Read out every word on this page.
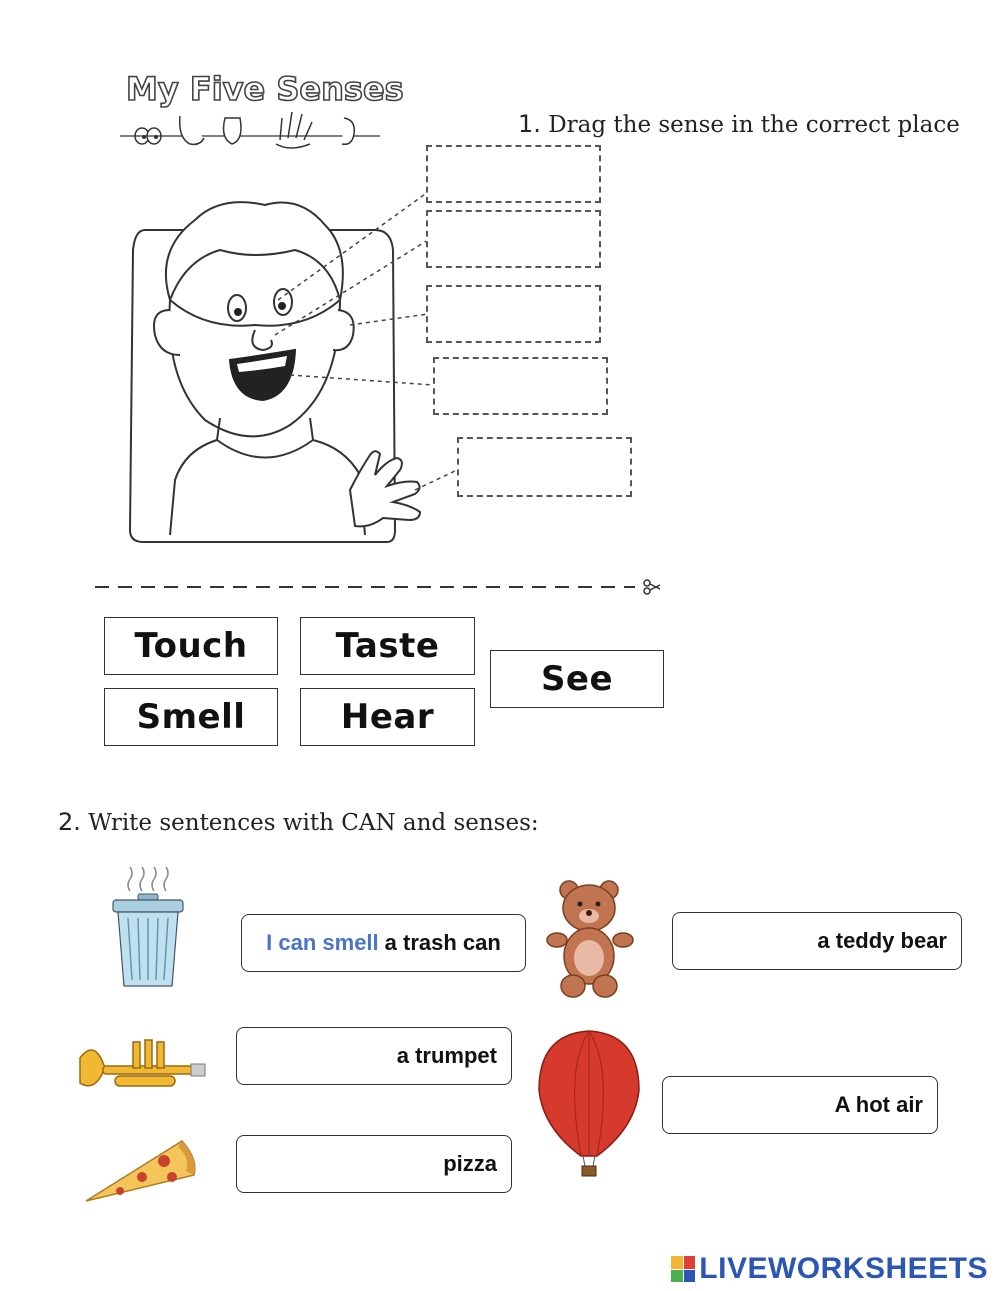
My Five Senses
1. Drag the sense in the correct place
Touch	Taste
See
Smell	Hear
2. Write sentences with CAN and senses:
I can smell a trash can	a teddy bear
a trumpet
A hot air
pizza
LIVEWORKSHEETS
